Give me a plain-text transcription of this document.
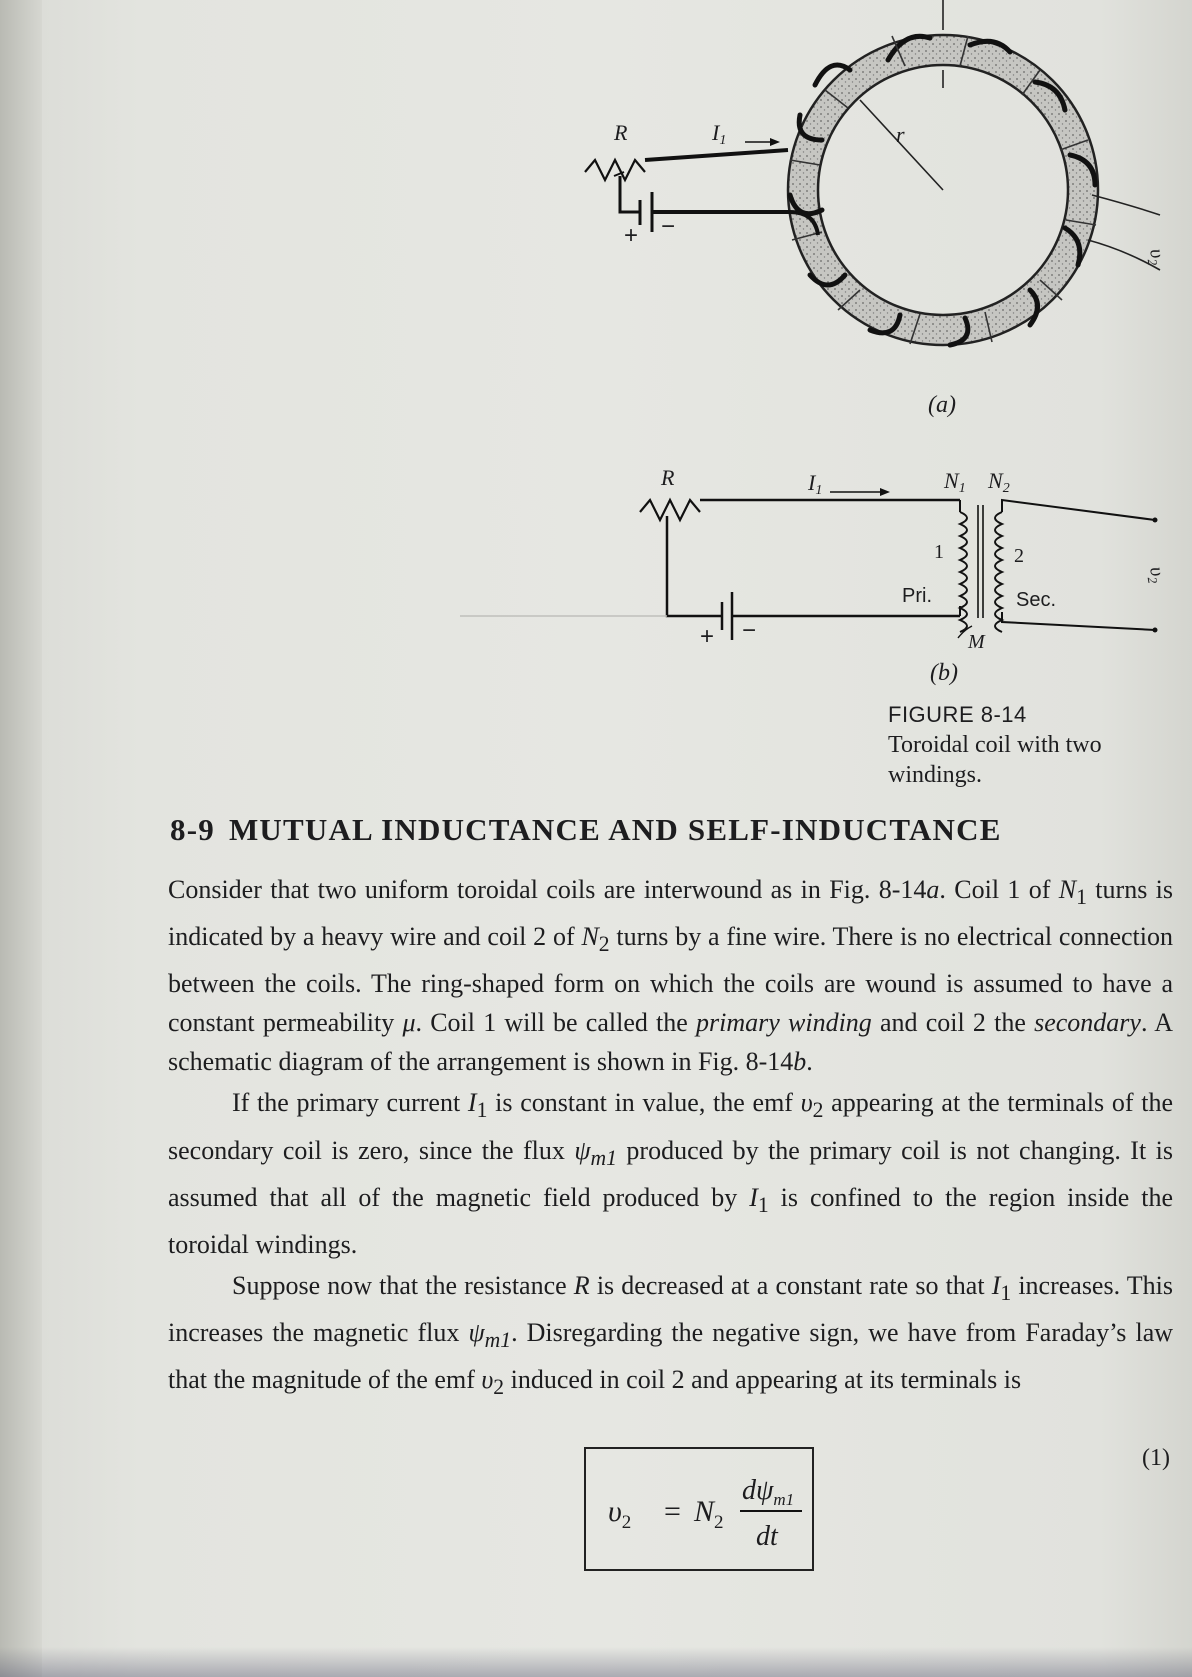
r
$\upsilon_2$
R	I1
+ −
(a)
R	I1	N1 N2
1	2
Pri.	Sec.
M
+ −
$\upsilon_2$
(b)
FIGURE 8-14
Toroidal coil with two windings.
8-9 MUTUAL INDUCTANCE AND SELF-INDUCTANCE

Consider that two uniform toroidal coils are interwound as in Fig. 8-14a. Coil 1 of $N_1$ turns is indicated by a heavy wire and coil 2 of $N_2$ turns by a fine wire. There is no electrical connection between the coils. The ring-shaped form on which the coils are wound is assumed to have a constant permeability μ. Coil 1 will be called the primary winding and coil 2 the secondary. A schematic diagram of the arrangement is shown in Fig. 8-14b.

If the primary current $I_1$ is constant in value, the emf $\upsilon_2$ appearing at the terminals of the secondary coil is zero, since the flux $\psi_{m1}$ produced by the primary coil is not changing. It is assumed that all of the magnetic field produced by $I_1$ is confined to the region inside the toroidal windings.

Suppose now that the resistance R is decreased at a constant rate so that $I_1$ increases. This increases the magnetic flux $\psi_{m1}$. Disregarding the negative sign, we have from Faraday’s law that the magnitude of the emf $\upsilon_2$ induced in coil 2 and appearing at its terminals is

$\upsilon_2 = N_2$
$d\psi_{m1}$
dt
(1)
